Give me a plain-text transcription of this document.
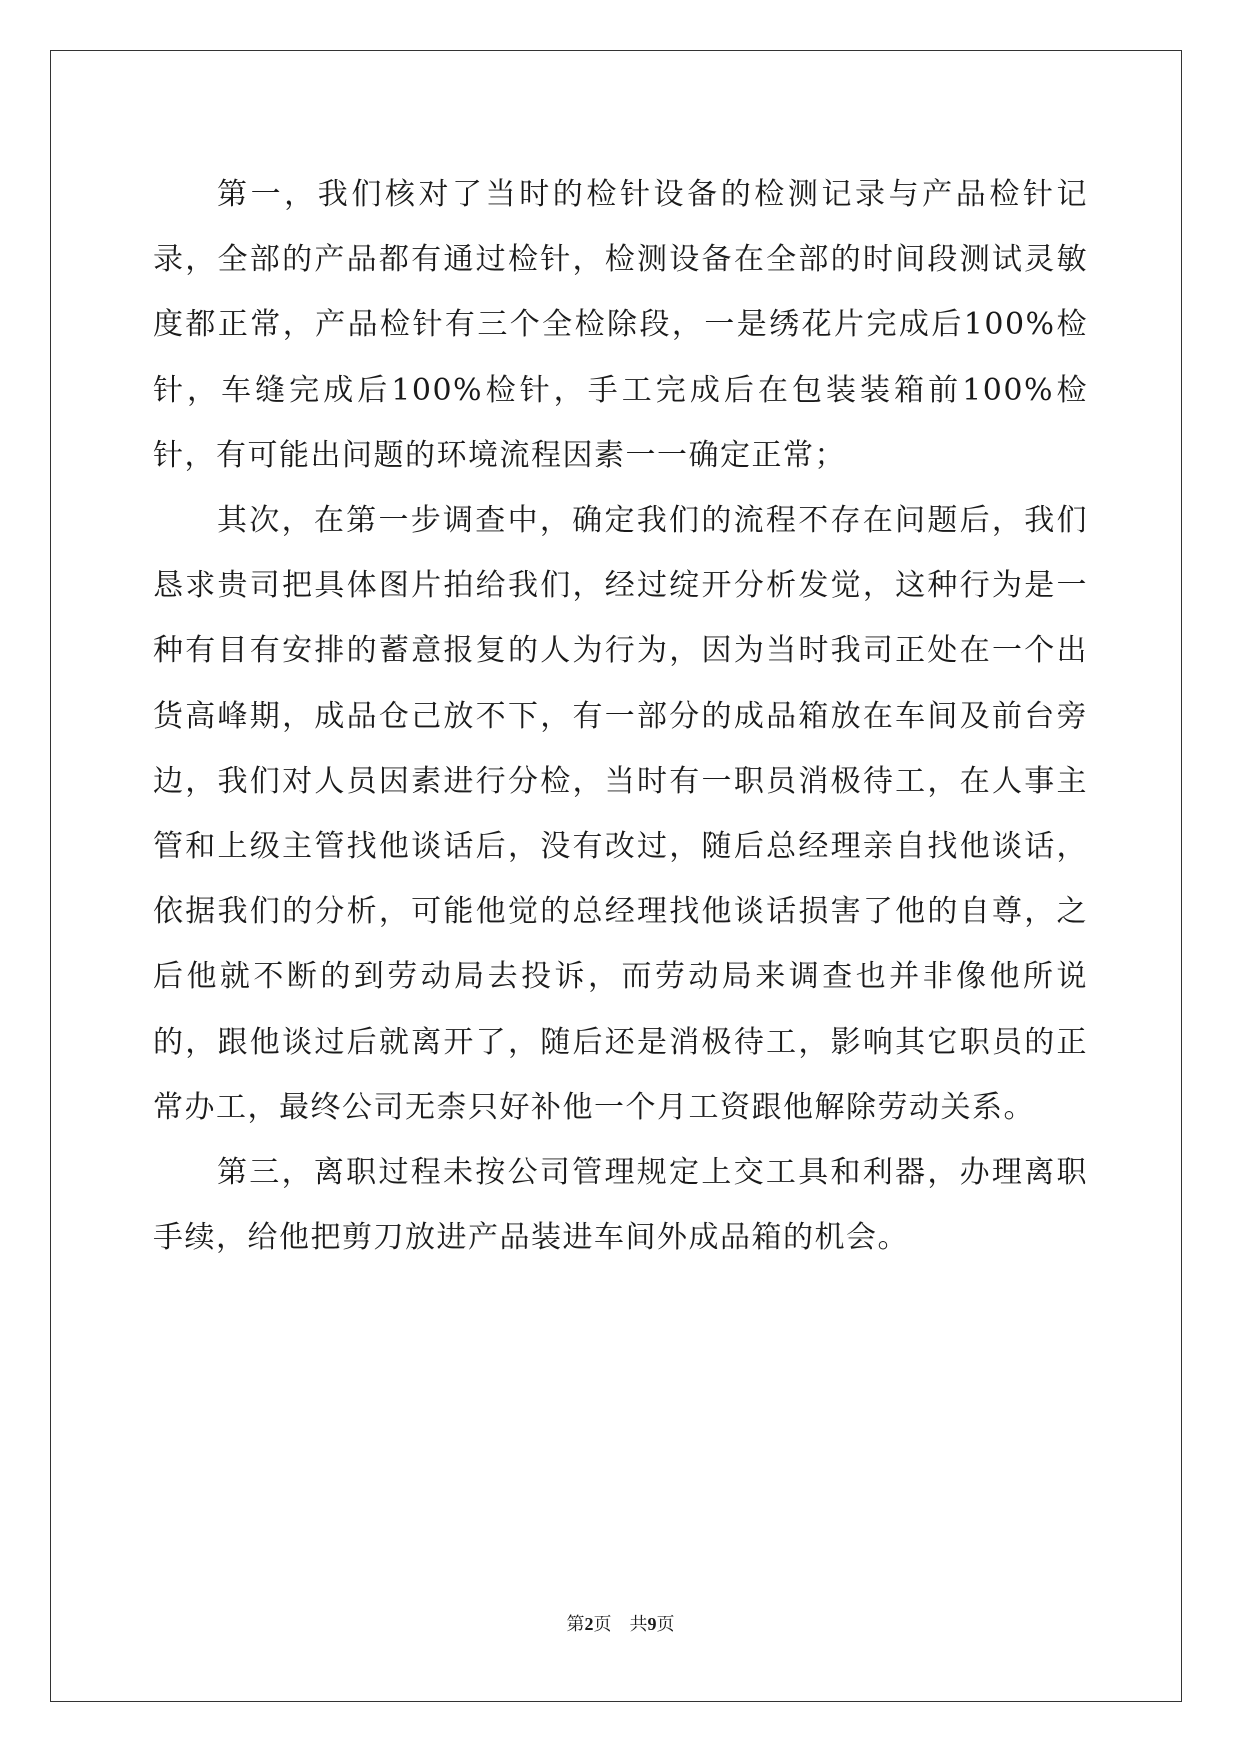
第一，我们核对了当时的检针设备的检测记录与产品检针记录，全部的产品都有通过检针，检测设备在全部的时间段测试灵敏度都正常，产品检针有三个全检除段，一是绣花片完成后100%检针，车缝完成后100%检针，手工完成后在包装装箱前100%检针，有可能出问题的环境流程因素一一确定正常；

其次，在第一步调查中，确定我们的流程不存在问题后，我们恳求贵司把具体图片拍给我们，经过绽开分析发觉，这种行为是一种有目有安排的蓄意报复的人为行为，因为当时我司正处在一个出货高峰期，成品仓己放不下，有一部分的成品箱放在车间及前台旁边，我们对人员因素进行分检，当时有一职员消极待工，在人事主管和上级主管找他谈话后，没有改过，随后总经理亲自找他谈话，依据我们的分析，可能他觉的总经理找他谈话损害了他的自尊，之后他就不断的到劳动局去投诉，而劳动局来调查也并非像他所说的，跟他谈过后就离开了，随后还是消极待工，影响其它职员的正常办工，最终公司无柰只好补他一个月工资跟他解除劳动关系。

第三，离职过程未按公司管理规定上交工具和利器，办理离职手续，给他把剪刀放进产品装进车间外成品箱的机会。

第2页 共9页
